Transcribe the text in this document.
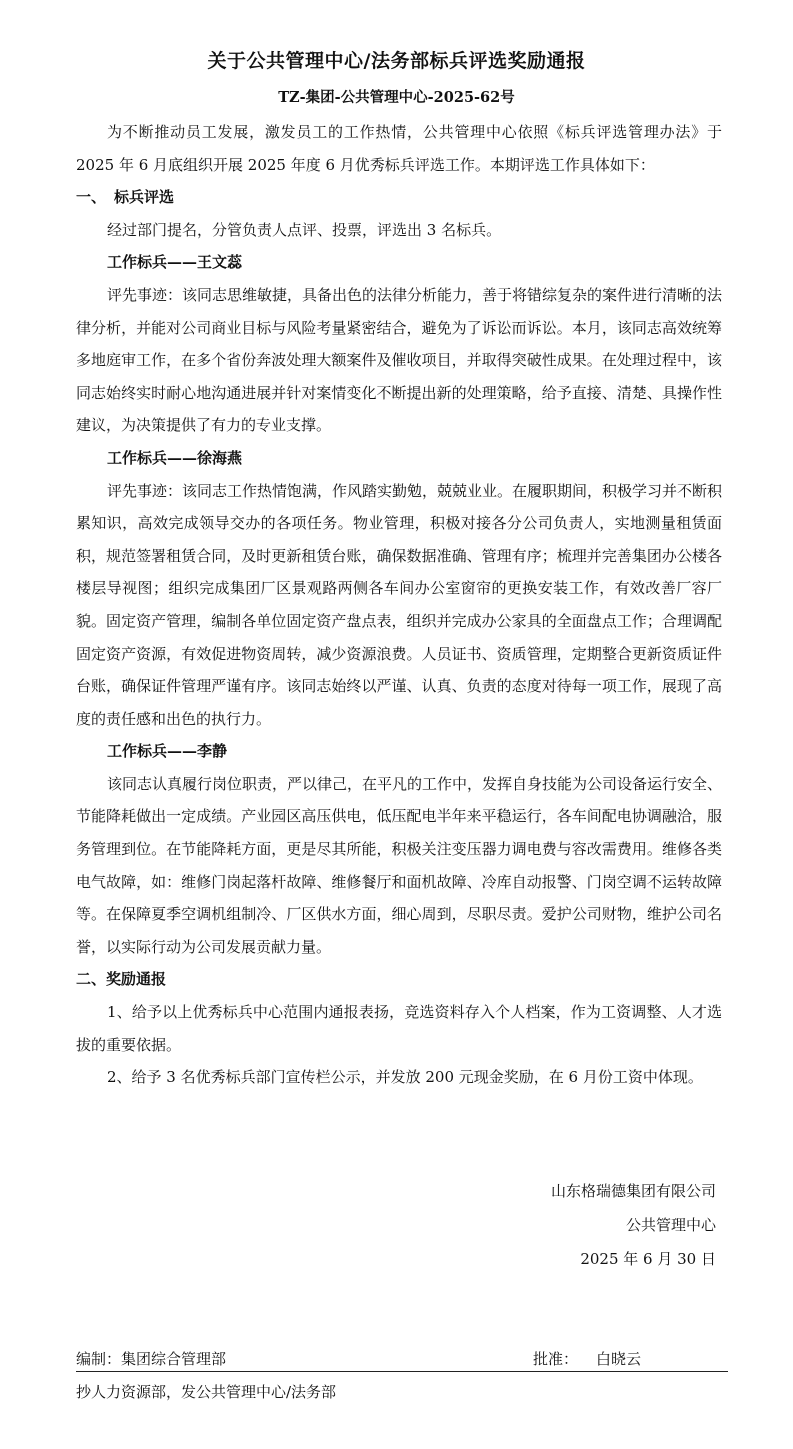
关于公共管理中心/法务部标兵评选奖励通报
TZ-集团-公共管理中心-2025-62号

为不断推动员工发展，激发员工的工作热情，公共管理中心依照《标兵评选管理办法》于 2025 年 6 月底组织开展 2025 年度 6 月优秀标兵评选工作。本期评选工作具体如下：

一、 标兵评选

经过部门提名，分管负责人点评、投票，评选出 3 名标兵。

工作标兵——王文蕊

评先事迹：该同志思维敏捷，具备出色的法律分析能力，善于将错综复杂的案件进行清晰的法律分析，并能对公司商业目标与风险考量紧密结合，避免为了诉讼而诉讼。本月，该同志高效统筹多地庭审工作，在多个省份奔波处理大额案件及催收项目，并取得突破性成果。在处理过程中，该同志始终实时耐心地沟通进展并针对案情变化不断提出新的处理策略，给予直接、清楚、具操作性建议，为决策提供了有力的专业支撑。

工作标兵——徐海燕

评先事迹：该同志工作热情饱满，作风踏实勤勉，兢兢业业。在履职期间，积极学习并不断积累知识，高效完成领导交办的各项任务。物业管理，积极对接各分公司负责人，实地测量租赁面积，规范签署租赁合同，及时更新租赁台账，确保数据准确、管理有序；梳理并完善集团办公楼各楼层导视图；组织完成集团厂区景观路两侧各车间办公室窗帘的更换安装工作，有效改善厂容厂貌。固定资产管理，编制各单位固定资产盘点表，组织并完成办公家具的全面盘点工作；合理调配固定资产资源，有效促进物资周转，减少资源浪费。人员证书、资质管理，定期整合更新资质证件台账，确保证件管理严谨有序。该同志始终以严谨、认真、负责的态度对待每一项工作，展现了高度的责任感和出色的执行力。

工作标兵——李静

该同志认真履行岗位职责，严以律己，在平凡的工作中，发挥自身技能为公司设备运行安全、节能降耗做出一定成绩。产业园区高压供电，低压配电半年来平稳运行，各车间配电协调融洽，服务管理到位。在节能降耗方面，更是尽其所能，积极关注变压器力调电费与容改需费用。维修各类电气故障，如：维修门岗起落杆故障、维修餐厅和面机故障、冷库自动报警、门岗空调不运转故障等。在保障夏季空调机组制冷、厂区供水方面，细心周到，尽职尽责。爱护公司财物，维护公司名誉，以实际行动为公司发展贡献力量。

二、奖励通报

1、给予以上优秀标兵中心范围内通报表扬，竞选资料存入个人档案，作为工资调整、人才选拔的重要依据。

2、给予 3 名优秀标兵部门宣传栏公示，并发放 200 元现金奖励，在 6 月份工资中体现。

山东格瑞德集团有限公司
公共管理中心
2025 年 6 月 30 日
编制：集团综合管理部	批准： 白晓云
抄人力资源部，发公共管理中心/法务部
